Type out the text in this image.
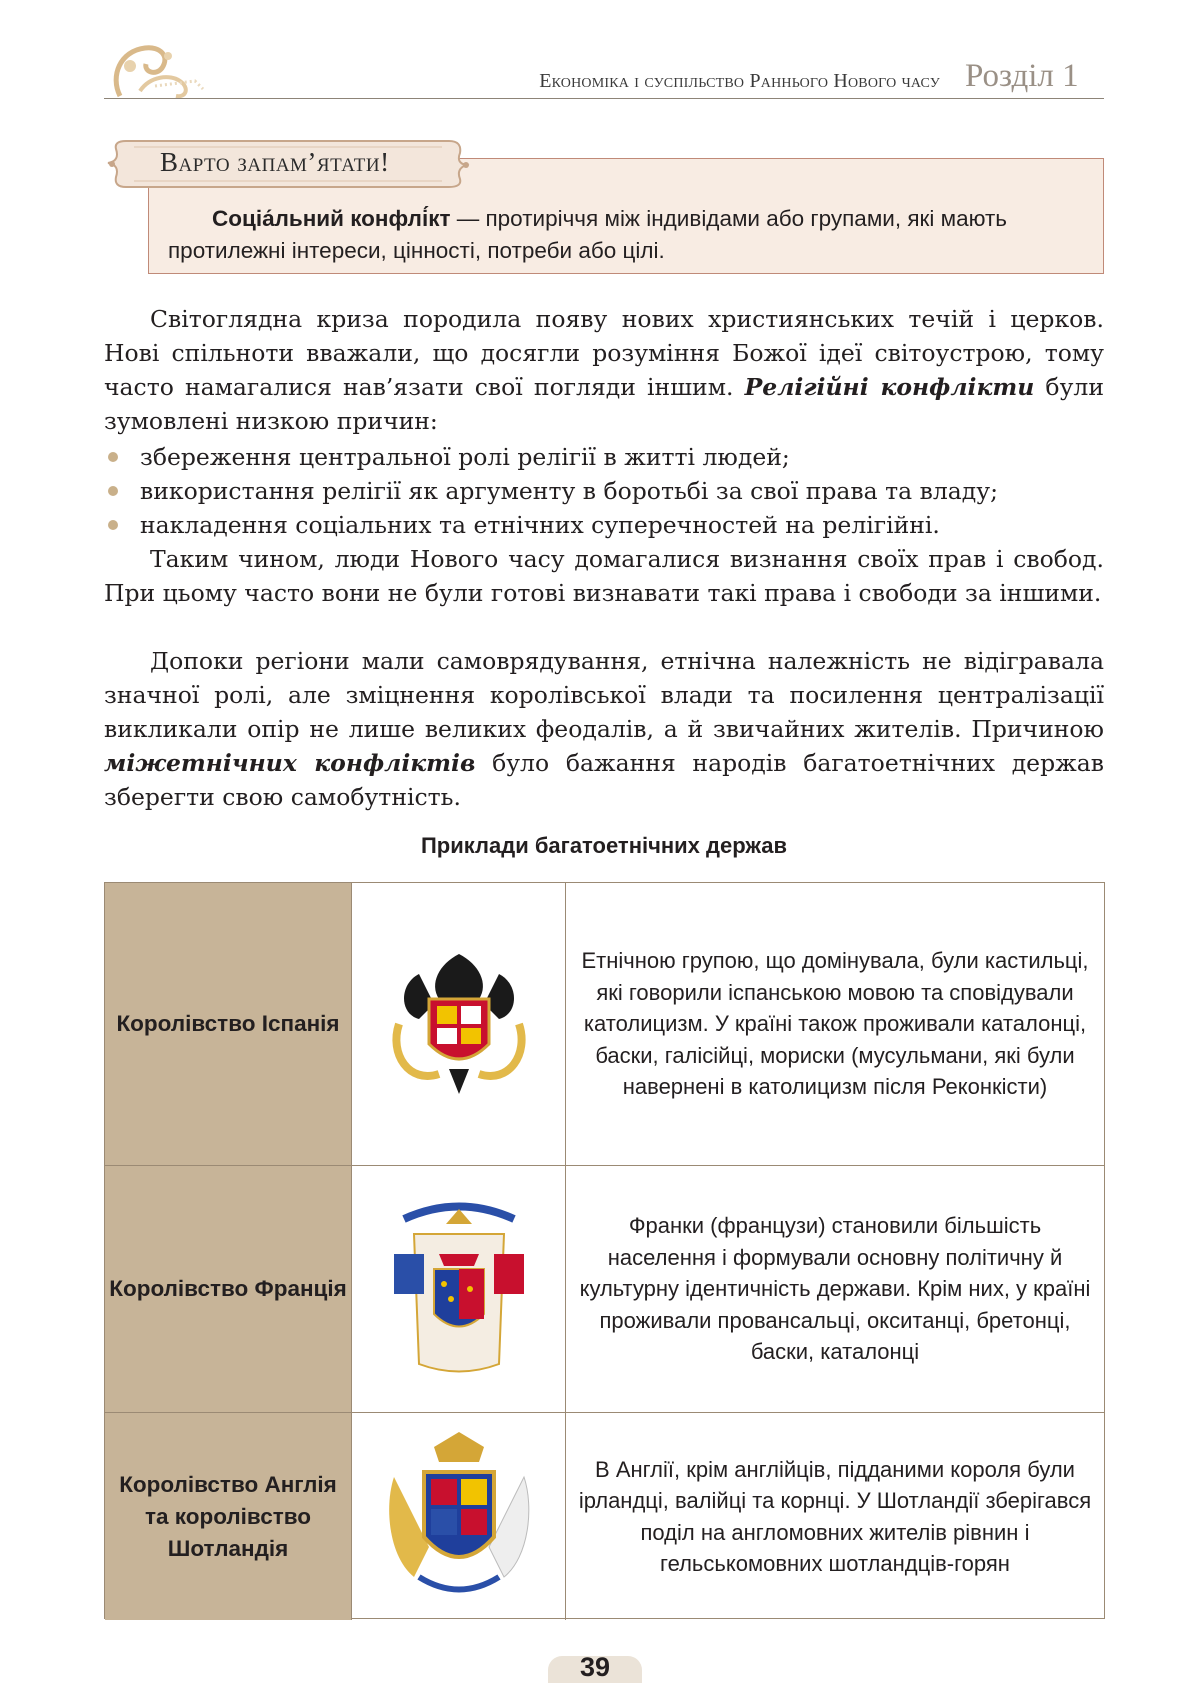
Економіка і суспільство Раннього Нового часу Розділ 1
Варто запам’ятати!
Соціа́льний конфлі́кт — протиріччя між індивідами або групами, які мають протилежні інтереси, цінності, потреби або цілі.

Світоглядна криза породила появу нових християнських течій і церков. Нові спільноти вважали, що досягли розуміння Божої ідеї світоустрою, тому часто намагалися нав’язати свої погляди іншим. Релігійні конфлікти були зумовлені низкою причин:

збереження центральної ролі релігії в житті людей;
використання релігії як аргументу в боротьбі за свої права та владу;
накладення соціальних та етнічних суперечностей на релігійні.

Таким чином, люди Нового часу домагалися визнання своїх прав і свобод. При цьому часто вони не були готові визнавати такі права і свободи за іншими.

Допоки регіони мали самоврядування, етнічна належність не відігравала значної ролі, але зміцнення королівської влади та посилення централізації викликали опір не лише великих феодалів, а й звичайних жителів. Причиною міжетнічних конфліктів було бажання народів багатоетнічних держав зберегти свою самобутність.

Приклади багатоетнічних держав
Королівство Іспанія
Етнічною групою, що домінувала, були кастильці, які говорили іспанською мовою та сповідували католицизм. У країні також проживали каталонці, баски, галісійці, мориски (мусульмани, які були навернені в католицизм після Реконкісти)
Королівство Франція
Франки (французи) становили більшість населення і формували основну політичну й культурну ідентичність держави. Крім них, у країні проживали провансальці, окситанці, бретонці, баски, каталонці
Королівство Англія та королівство Шотландія
В Англії, крім англійців, підданими короля були ірландці, валійці та корнці. У Шотландії зберігався поділ на англомовних жителів рівнин і гельськомовних шотландців-горян
39
